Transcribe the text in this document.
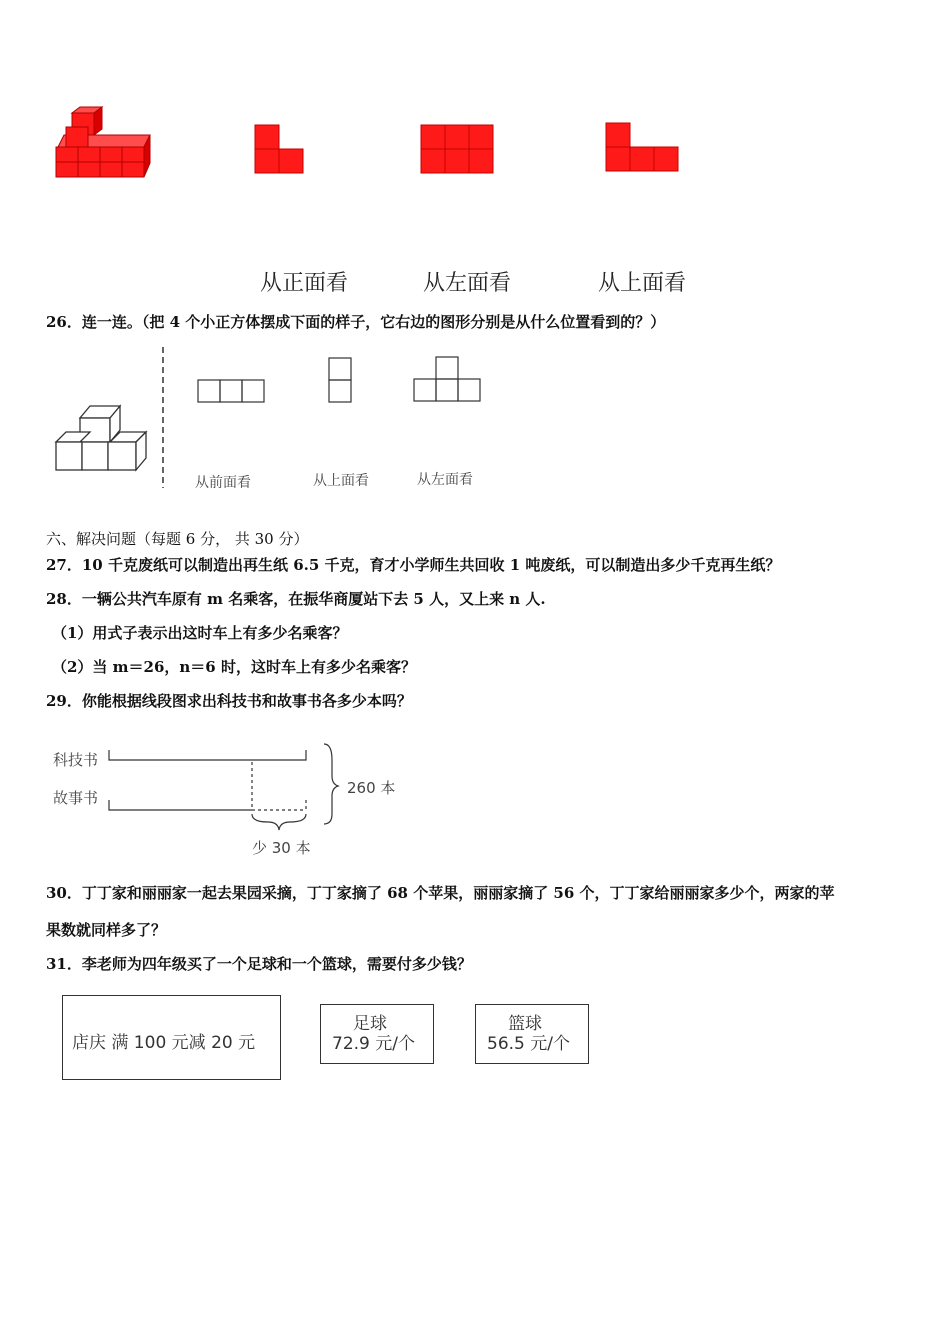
从正面看	从左面看	从上面看
26．连一连。（把 4 个小正方体摆成下面的样子，它右边的图形分别是从什么位置看到的？）
从前面看	从上面看	从左面看
六、解决问题（每题 6 分， 共 30 分）
27．10 千克废纸可以制造出再生纸 6.5 千克，育才小学师生共回收 1 吨废纸，可以制造出多少千克再生纸？
28．一辆公共汽车原有 m 名乘客，在振华商厦站下去 5 人，又上来 n 人.
（1）用式子表示出这时车上有多少名乘客？
（2）当 m＝26，n＝6 时，这时车上有多少名乘客？
29．你能根据线段图求出科技书和故事书各多少本吗？
科技书
故事书
260 本
少 30 本
30．丁丁家和丽丽家一起去果园采摘，丁丁家摘了 68 个苹果，丽丽家摘了 56 个，丁丁家给丽丽家多少个，两家的苹
果数就同样多了？
31．李老师为四年级买了一个足球和一个篮球，需要付多少钱？
店庆 满 100 元减 20 元
足球
72.9 元/个
篮球
56.5 元/个
